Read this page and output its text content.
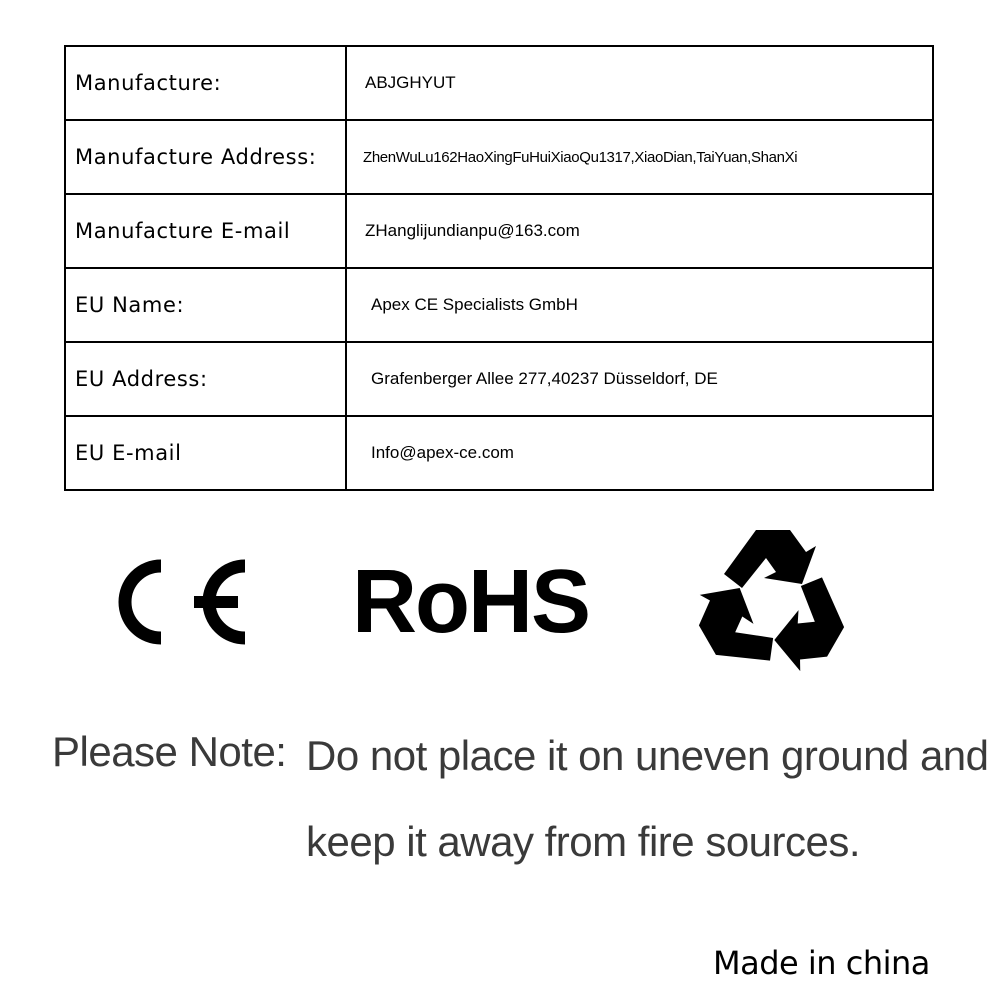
Manufacture:	ABJGHYUT
Manufacture Address:	ZhenWuLu162HaoXingFuHuiXiaoQu1317,XiaoDian,TaiYuan,ShanXi
Manufacture E-mail	ZHanglijundianpu@163.com
EU Name:	Apex CE Specialists GmbH
EU Address:	Grafenberger Allee 277,40237 Düsseldorf, DE
EU E-mail	Info@apex-ce.com
RoHS
Please Note: Do not place it on uneven ground and
keep it away from fire sources.
Made in china
